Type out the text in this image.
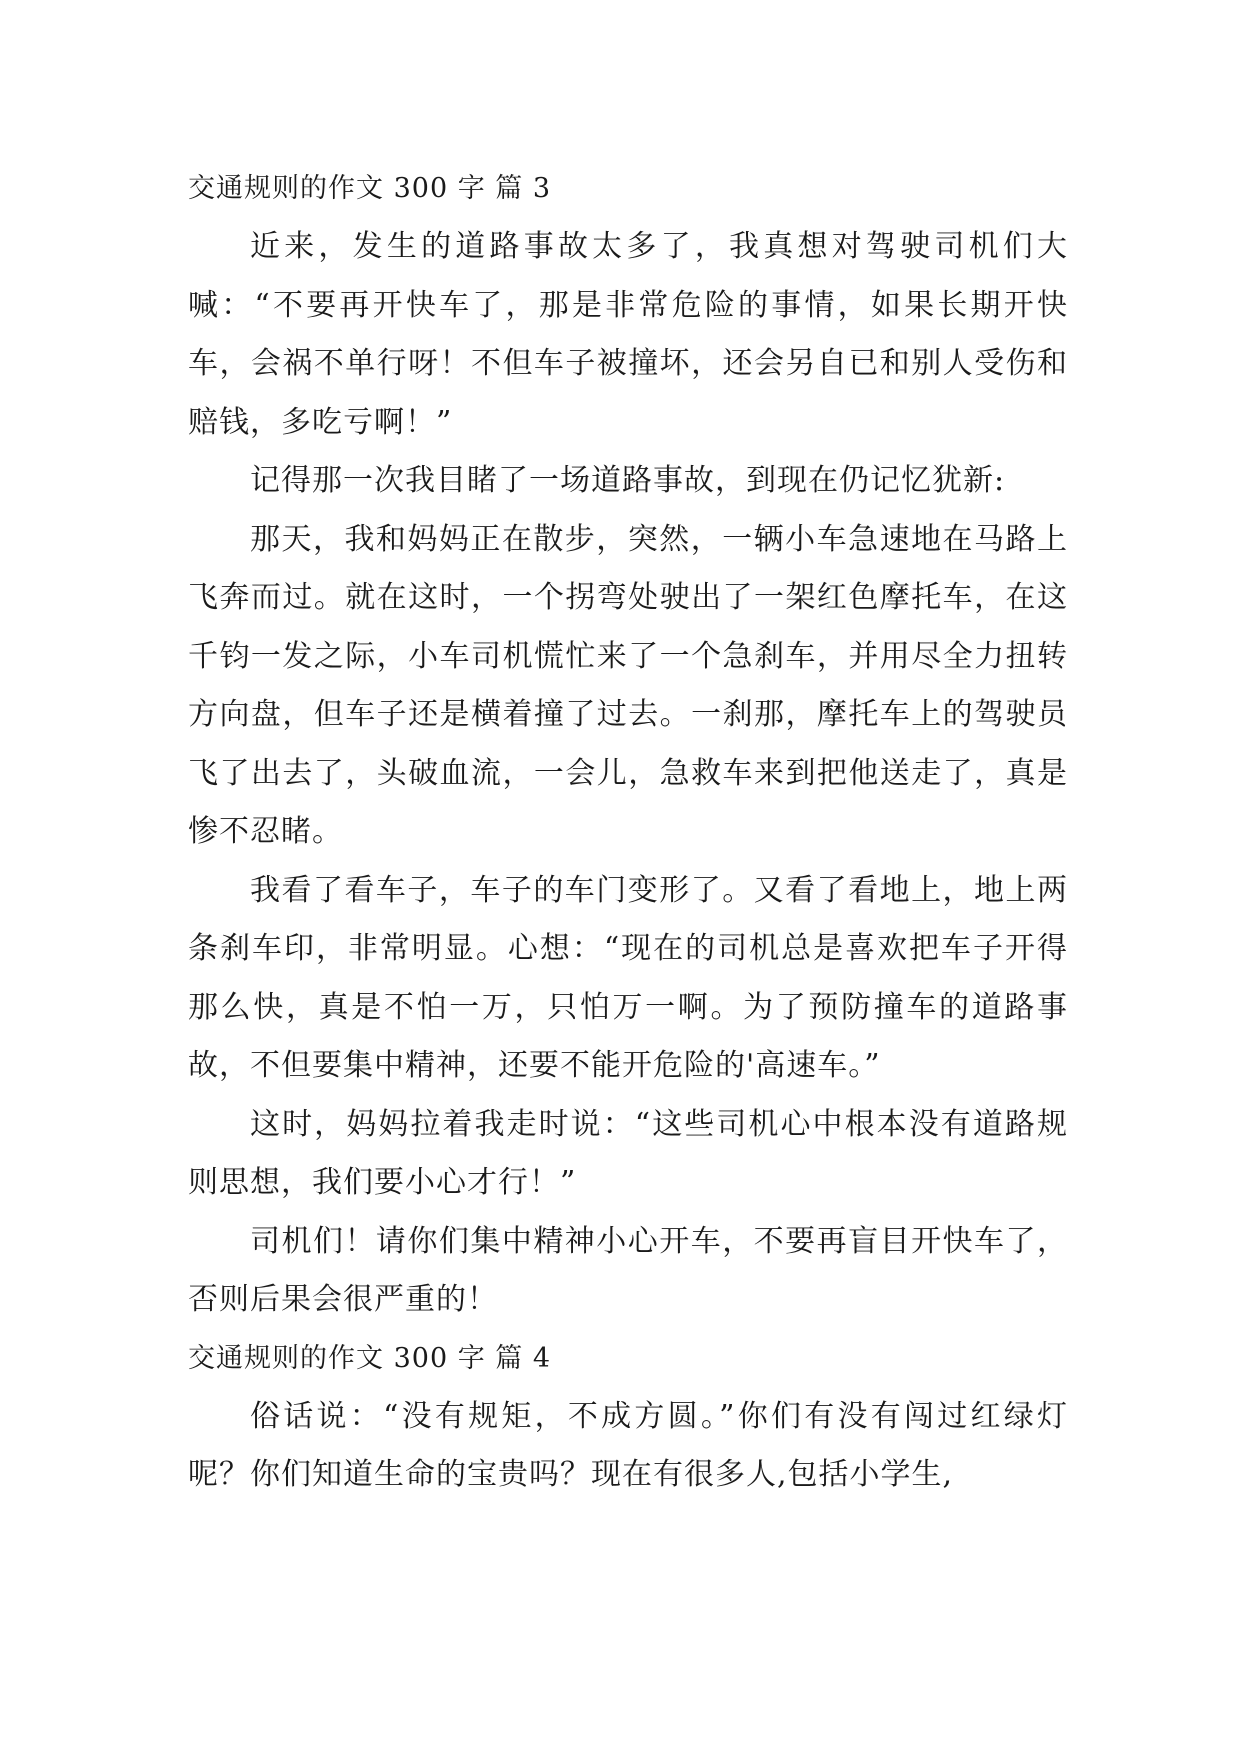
交通规则的作文 300 字 篇 3

近来，发生的道路事故太多了，我真想对驾驶司机们大喊：“不要再开快车了，那是非常危险的事情，如果长期开快车，会祸不单行呀！不但车子被撞坏，还会另自已和别人受伤和赔钱，多吃亏啊！”

记得那一次我目睹了一场道路事故，到现在仍记忆犹新:

那天，我和妈妈正在散步，突然，一辆小车急速地在马路上飞奔而过。就在这时，一个拐弯处驶出了一架红色摩托车，在这千钧一发之际，小车司机慌忙来了一个急刹车，并用尽全力扭转方向盘，但车子还是横着撞了过去。一刹那，摩托车上的驾驶员飞了出去了，头破血流，一会儿，急救车来到把他送走了，真是惨不忍睹。

我看了看车子，车子的车门变形了。又看了看地上，地上两条刹车印，非常明显。心想：“现在的司机总是喜欢把车子开得那么快，真是不怕一万，只怕万一啊。为了预防撞车的道路事故，不但要集中精神，还要不能开危险的'高速车。”

这时，妈妈拉着我走时说：“这些司机心中根本没有道路规则思想，我们要小心才行！”

司机们！请你们集中精神小心开车，不要再盲目开快车了，否则后果会很严重的！

交通规则的作文 300 字 篇 4

俗话说：“没有规矩，不成方圆。”你们有没有闯过红绿灯呢？你们知道生命的宝贵吗？现在有很多人,包括小学生,
